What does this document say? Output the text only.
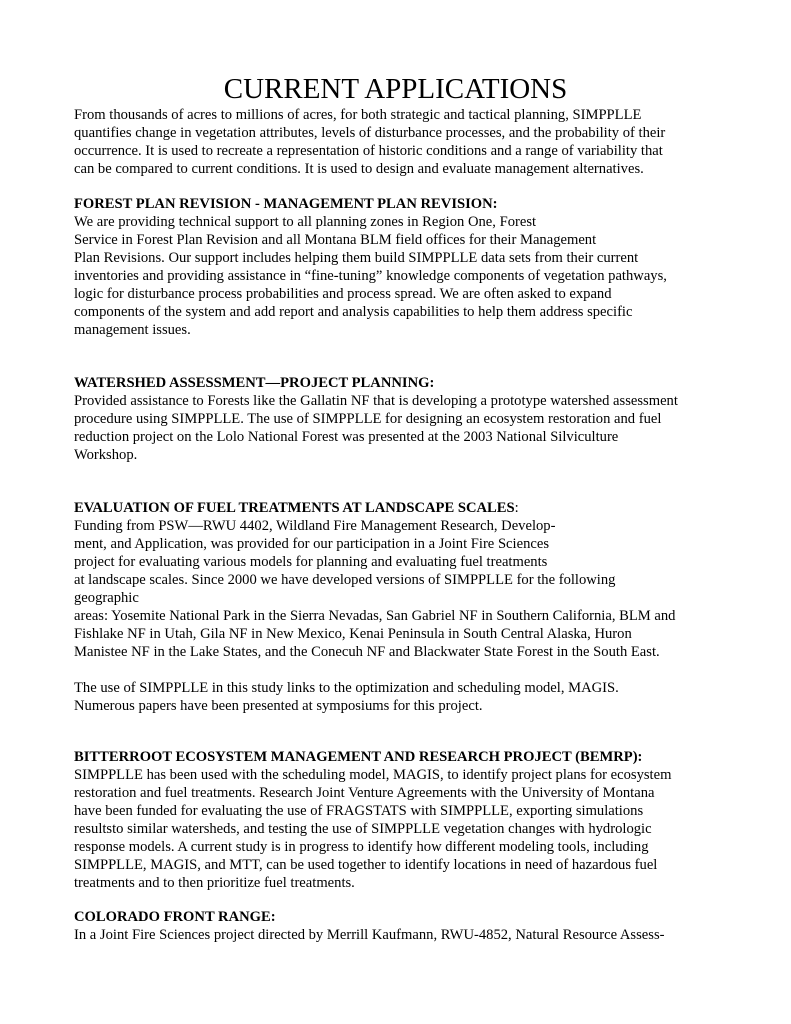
CURRENT APPLICATIONS
From thousands of acres to millions of acres, for both strategic and tactical planning, SIMPPLLE
quantifies change in vegetation attributes, levels of disturbance processes, and the probability of their
occurrence. It is used to recreate a representation of historic conditions and a range of variability that
can be compared to current conditions. It is used to design and evaluate management alternatives.
FOREST PLAN REVISION - MANAGEMENT PLAN REVISION:
We are providing technical support to all planning zones in Region One, Forest
Service in Forest Plan Revision and all Montana BLM field offices for their Management
Plan Revisions. Our support includes helping them build SIMPPLLE data sets from their current
inventories and providing assistance in “fine-tuning” knowledge components of vegetation pathways,
logic for disturbance process probabilities and process spread. We are often asked to expand
components of the system and add report and analysis capabilities to help them address specific
management issues.
WATERSHED ASSESSMENT—PROJECT PLANNING:
Provided assistance to Forests like the Gallatin NF that is developing a prototype watershed assessment
procedure using SIMPPLLE. The use of SIMPPLLE for designing an ecosystem restoration and fuel
reduction project on the Lolo National Forest was presented at the 2003 National Silviculture
Workshop.
EVALUATION OF FUEL TREATMENTS AT LANDSCAPE SCALES:
Funding from PSW—RWU 4402, Wildland Fire Management Research, Develop-
ment, and Application, was provided for our participation in a Joint Fire Sciences
project for evaluating various models for planning and evaluating fuel treatments
at landscape scales. Since 2000 we have developed versions of SIMPPLLE for the following
geographic
areas: Yosemite National Park in the Sierra Nevadas, San Gabriel NF in Southern California, BLM and
Fishlake NF in Utah, Gila NF in New Mexico, Kenai Peninsula in South Central Alaska, Huron
Manistee NF in the Lake States, and the Conecuh NF and Blackwater State Forest in the South East.
The use of SIMPPLLE in this study links to the optimization and scheduling model, MAGIS.
Numerous papers have been presented at symposiums for this project.
BITTERROOT ECOSYSTEM MANAGEMENT AND RESEARCH PROJECT (BEMRP):
SIMPPLLE has been used with the scheduling model, MAGIS, to identify project plans for ecosystem
restoration and fuel treatments. Research Joint Venture Agreements with the University of Montana
have been funded for evaluating the use of FRAGSTATS with SIMPPLLE, exporting simulations
resultsto similar watersheds, and testing the use of SIMPPLLE vegetation changes with hydrologic
response models. A current study is in progress to identify how different modeling tools, including
SIMPPLLE, MAGIS, and MTT, can be used together to identify locations in need of hazardous fuel
treatments and to then prioritize fuel treatments.
COLORADO FRONT RANGE:
In a Joint Fire Sciences project directed by Merrill Kaufmann, RWU-4852, Natural Resource Assess-
